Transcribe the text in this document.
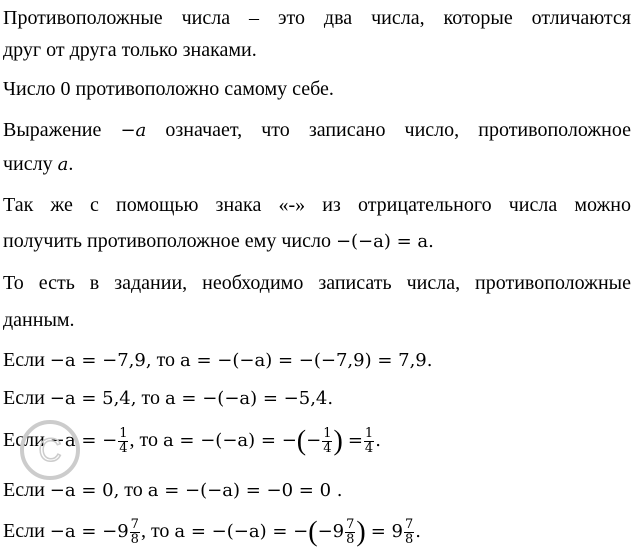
Противоположные числа – это два числа, которые отличаются
друг от друга только знаками.
Число 0 противоположно самому себе.
Выражение −a означает, что записано число, противоположное
числу a.
Так же с помощью знака «-» из отрицательного числа можно
получить противоположное ему число −(−a) = a.
То есть в задании, необходимо записать числа, противоположные
данным.
Если −a = −7,9, то a = −(−a) = −(−7,9) = 7,9.
Если −a = 5,4, то a = −(−a) = −5,4.
Если −a = − $\frac{1}{4}$ , то a = −(−a) = −(− $\frac{1}{4}$ ) = $\frac{1}{4}$ .
Если −a = 0, то a = −(−a) = −0 = 0 .
Если $-a = -9 \frac{7}{8}$ , то $a = -(-a) = -(-9 \frac{7}{8}$ ) = $9 \frac{7}{8}$ .
C
